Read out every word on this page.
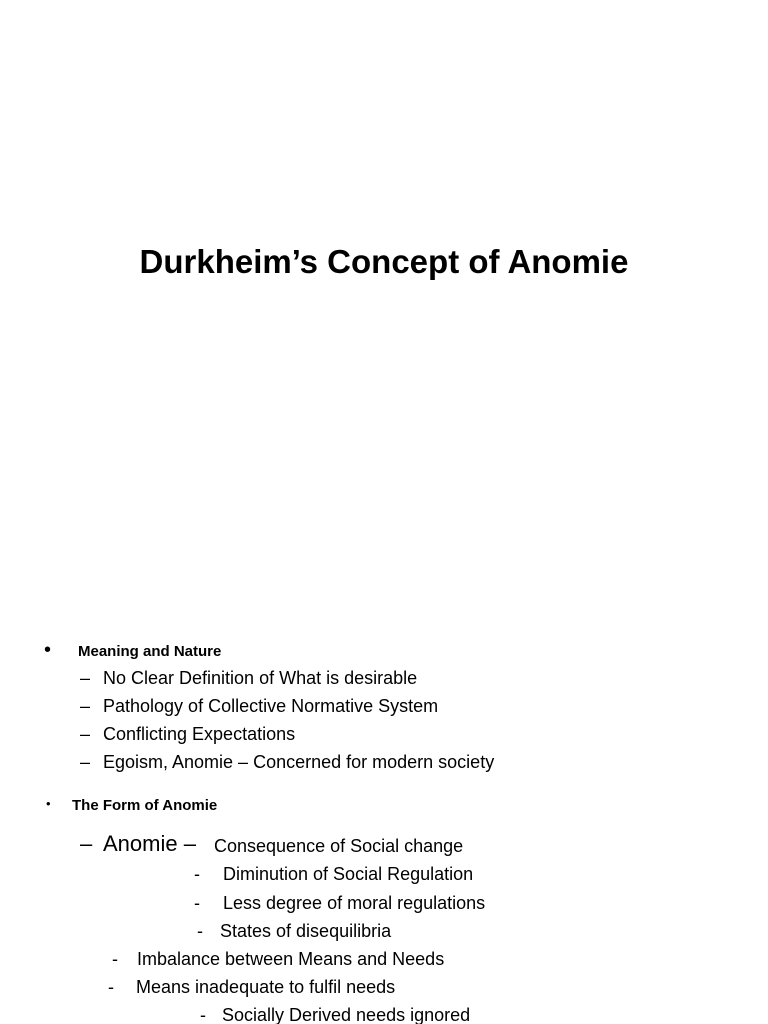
Durkheim’s Concept of Anomie
• Meaning and Nature
– No Clear Definition of What is desirable
– Pathology of Collective Normative System
– Conflicting Expectations
– Egoism, Anomie – Concerned for modern society
• The Form of Anomie
– Anomie – Consequence of Social change
- Diminution of Social Regulation
- Less degree of moral regulations
- States of disequilibria
- Imbalance between Means and Needs
- Means inadequate to fulfil needs
- Socially Derived needs ignored
